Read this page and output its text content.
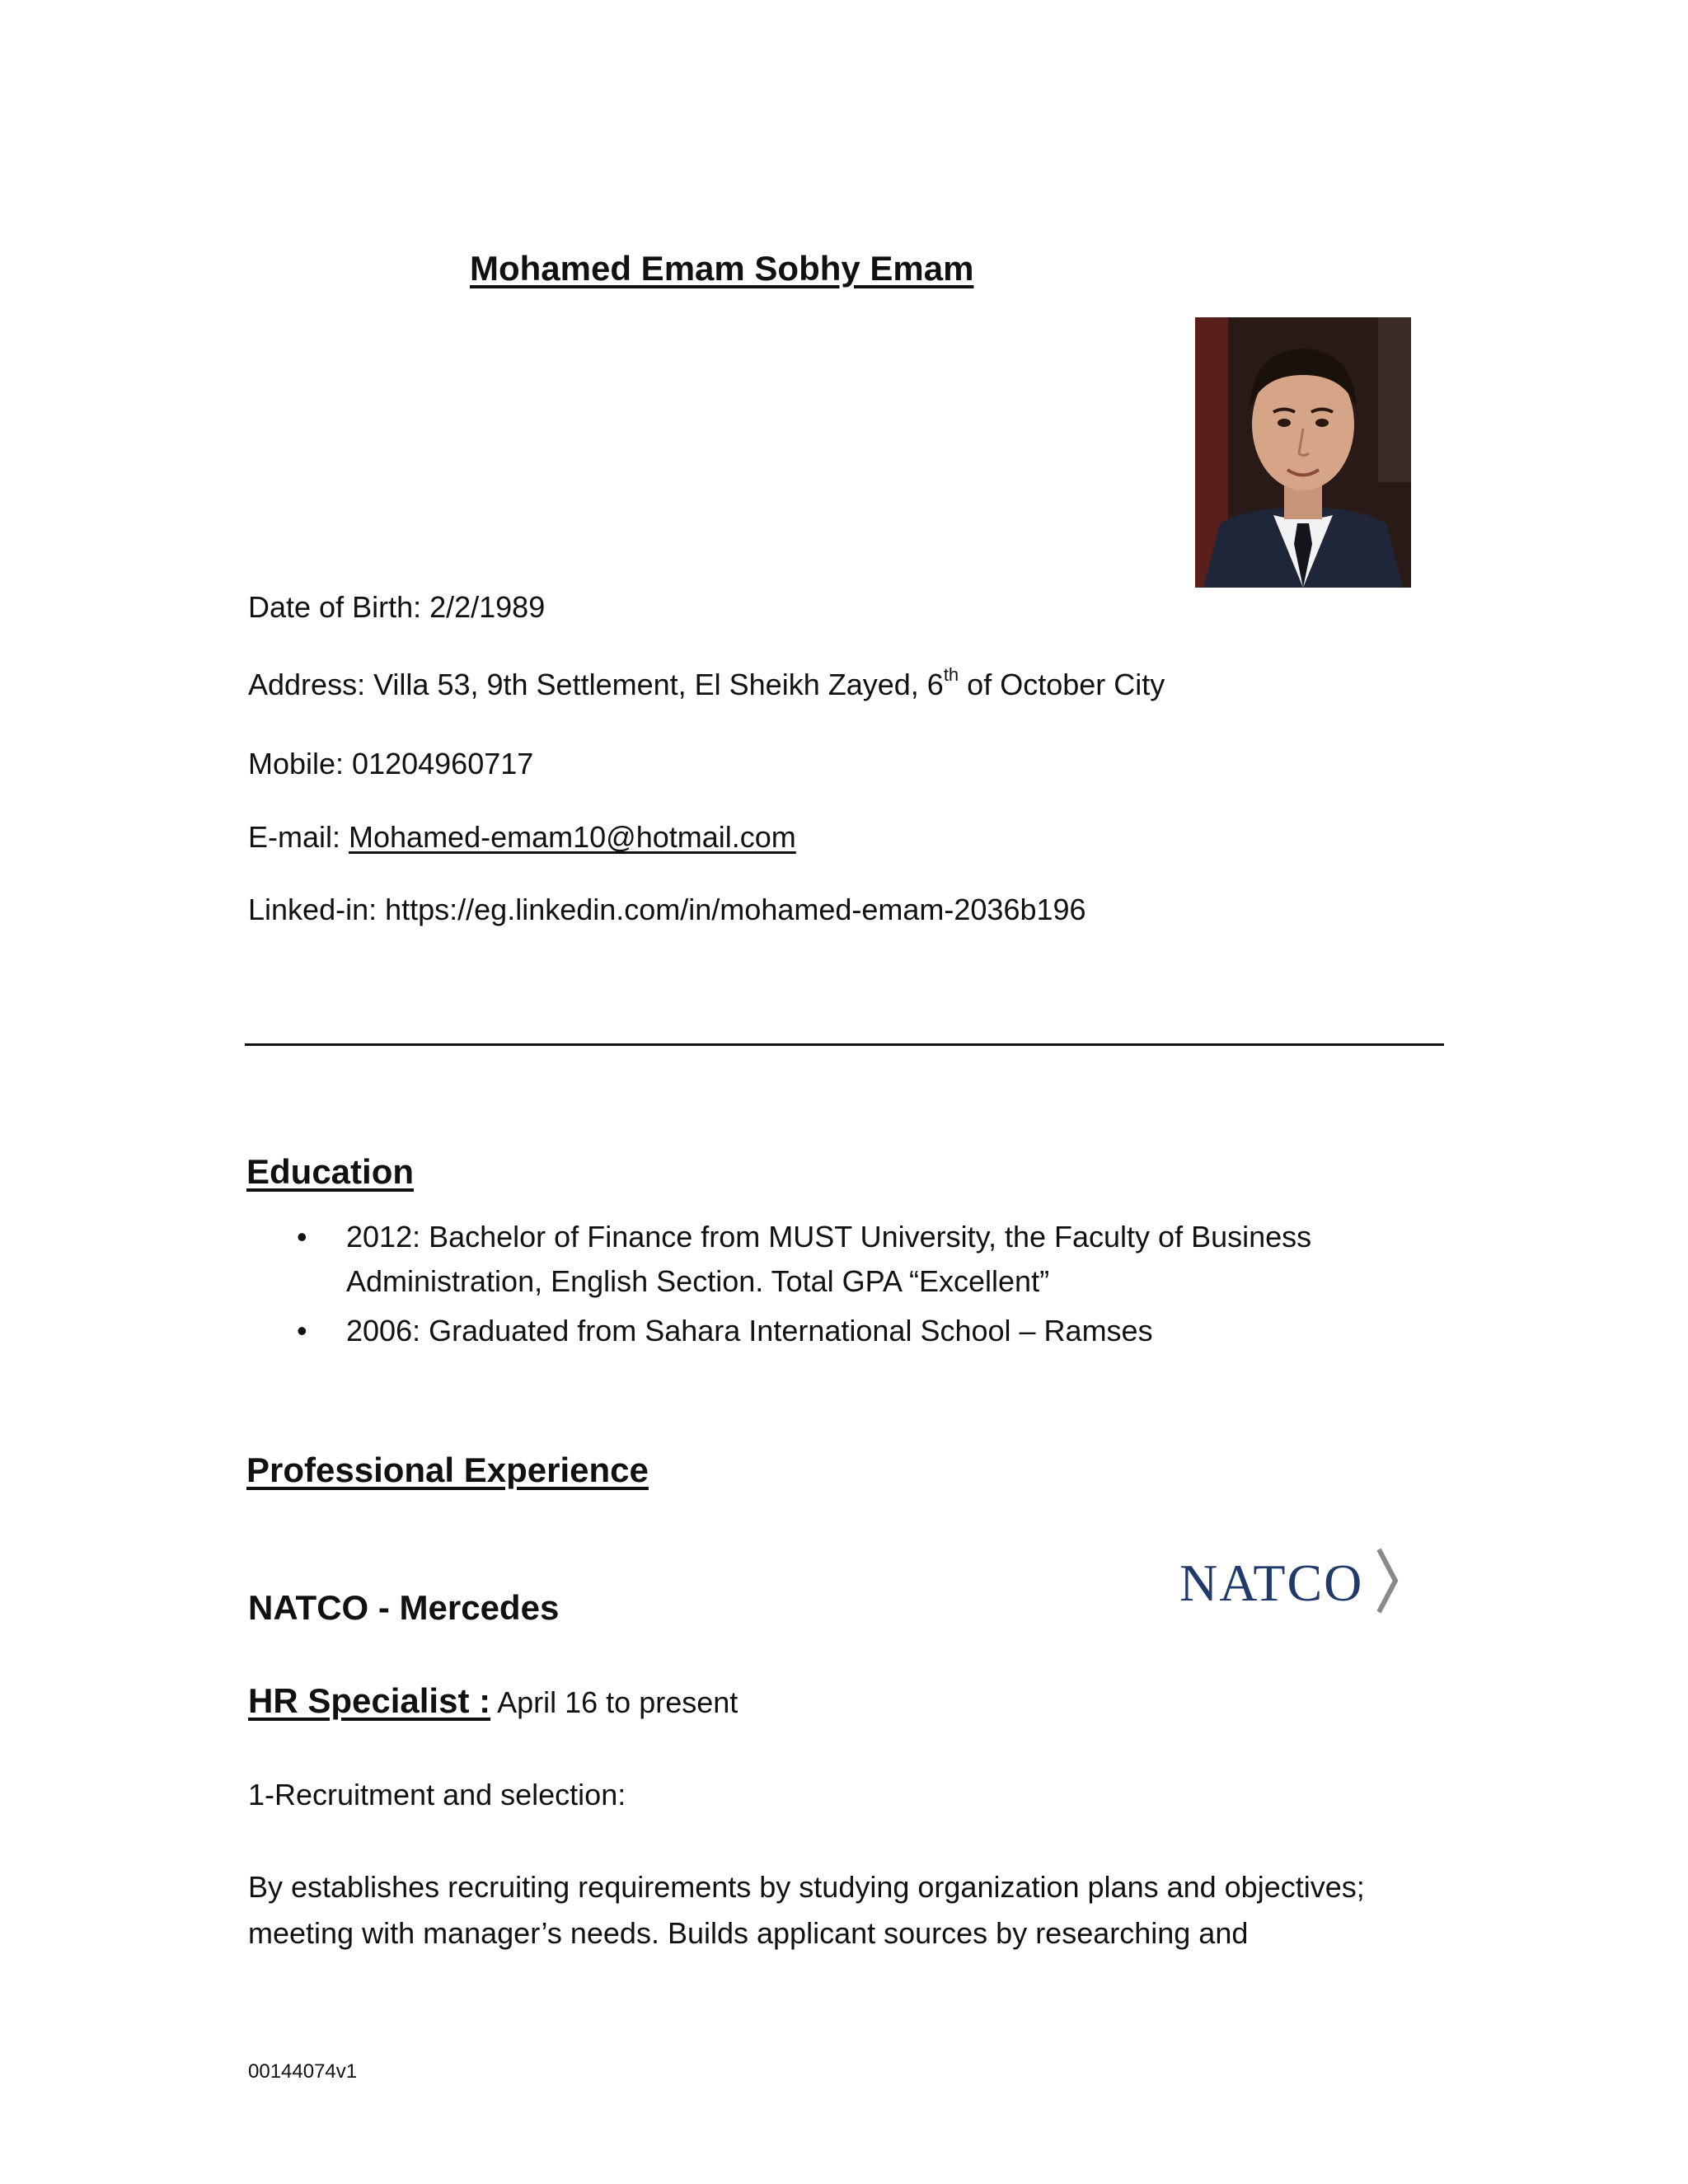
Mohamed Emam Sobhy Emam
Date of Birth: 2/2/1989
Address: Villa 53, 9th Settlement, El Sheikh Zayed, 6th of October City
Mobile: 01204960717
E-mail: Mohamed-emam10@hotmail.com
Linked-in: https://eg.linkedin.com/in/mohamed-emam-2036b196
Education
• 2012: Bachelor of Finance from MUST University, the Faculty of Business Administration, English Section. Total GPA “Excellent”
• 2006: Graduated from Sahara International School – Ramses
Professional Experience
NATCO
NATCO - Mercedes
HR Specialist : April 16 to present
1-Recruitment and selection:

By establishes recruiting requirements by studying organization plans and objectives; meeting with manager’s needs. Builds applicant sources by researching and

00144074v1
